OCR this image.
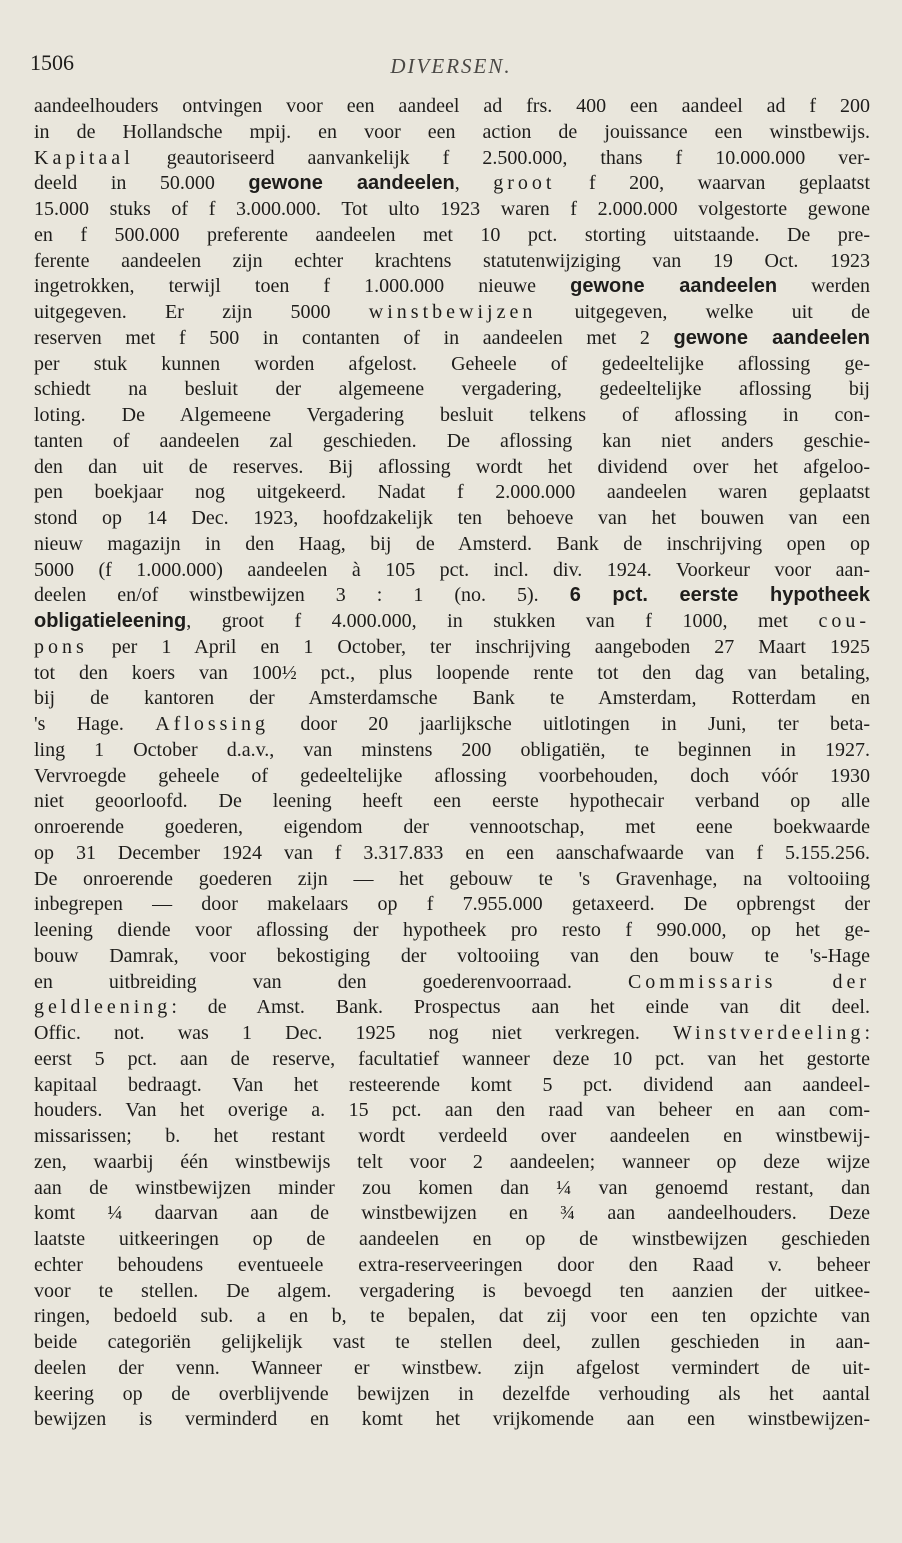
1506	DIVERSEN.
aandeelhouders ontvingen voor een aandeel ad frs. 400 een aandeel ad f 200
in de Hollandsche mpij. en voor een action de jouissance een winstbewijs.
Kapitaal geautoriseerd aanvankelijk f 2.500.000, thans f 10.000.000 ver-
deeld in 50.000 gewone aandeelen, groot f 200, waarvan geplaatst
15.000 stuks of f 3.000.000. Tot ulto 1923 waren f 2.000.000 volgestorte gewone
en f 500.000 preferente aandeelen met 10 pct. storting uitstaande. De pre-
ferente aandeelen zijn echter krachtens statutenwijziging van 19 Oct. 1923
ingetrokken, terwijl toen f 1.000.000 nieuwe gewone aandeelen werden
uitgegeven. Er zijn 5000 winstbewijzen uitgegeven, welke uit de
reserven met f 500 in contanten of in aandeelen met 2 gewone aandeelen
per stuk kunnen worden afgelost. Geheele of gedeeltelijke aflossing ge-
schiedt na besluit der algemeene vergadering, gedeeltelijke aflossing bij
loting. De Algemeene Vergadering besluit telkens of aflossing in con-
tanten of aandeelen zal geschieden. De aflossing kan niet anders geschie-
den dan uit de reserves. Bij aflossing wordt het dividend over het afgeloo-
pen boekjaar nog uitgekeerd. Nadat f 2.000.000 aandeelen waren geplaatst
stond op 14 Dec. 1923, hoofdzakelijk ten behoeve van het bouwen van een
nieuw magazijn in den Haag, bij de Amsterd. Bank de inschrijving open op
5000 (f 1.000.000) aandeelen à 105 pct. incl. div. 1924. Voorkeur voor aan-
deelen en/of winstbewijzen 3 : 1 (no. 5). 6 pct. eerste hypotheek
obligatieleening, groot f 4.000.000, in stukken van f 1000, met cou-
pons per 1 April en 1 October, ter inschrijving aangeboden 27 Maart 1925
tot den koers van 100½ pct., plus loopende rente tot den dag van betaling,
bij de kantoren der Amsterdamsche Bank te Amsterdam, Rotterdam en
's Hage. Aflossing door 20 jaarlijksche uitlotingen in Juni, ter beta-
ling 1 October d.a.v., van minstens 200 obligatiën, te beginnen in 1927.
Vervroegde geheele of gedeeltelijke aflossing voorbehouden, doch vóór 1930
niet geoorloofd. De leening heeft een eerste hypothecair verband op alle
onroerende goederen, eigendom der vennootschap, met eene boekwaarde
op 31 December 1924 van f 3.317.833 en een aanschafwaarde van f 5.155.256.
De onroerende goederen zijn — het gebouw te 's Gravenhage, na voltooiing
inbegrepen — door makelaars op f 7.955.000 getaxeerd. De opbrengst der
leening diende voor aflossing der hypotheek pro resto f 990.000, op het ge-
bouw Damrak, voor bekostiging der voltooiing van den bouw te 's-Hage
en uitbreiding van den goederenvoorraad. Commissaris	der
geldleening: de Amst. Bank. Prospectus aan het einde van dit deel.
Offic. not. was 1 Dec. 1925 nog niet verkregen. Winstverdeeling:
eerst 5 pct. aan de reserve, facultatief wanneer deze 10 pct. van het gestorte
kapitaal bedraagt. Van het resteerende komt 5 pct. dividend aan aandeel-
houders. Van het overige a. 15 pct. aan den raad van beheer en aan com-
missarissen; b. het restant wordt verdeeld over aandeelen en winstbewij-
zen, waarbij één winstbewijs telt voor 2 aandeelen; wanneer op deze wijze
aan de winstbewijzen minder zou komen dan ¼ van genoemd restant, dan
komt ¼ daarvan aan de winstbewijzen en ¾ aan aandeelhouders. Deze
laatste uitkeeringen op de aandeelen en op de winstbewijzen geschieden
echter behoudens eventueele extra-reserveeringen door den Raad v. beheer
voor te stellen. De algem. vergadering is bevoegd ten aanzien der uitkee-
ringen, bedoeld sub. a en b, te bepalen, dat zij voor een ten opzichte van
beide categoriën gelijkelijk vast te stellen deel, zullen geschieden in aan-
deelen der venn. Wanneer er winstbew. zijn afgelost vermindert de uit-
keering op de overblijvende bewijzen in dezelfde verhouding als het aantal
bewijzen is verminderd en komt het vrijkomende aan een winstbewijzen-
